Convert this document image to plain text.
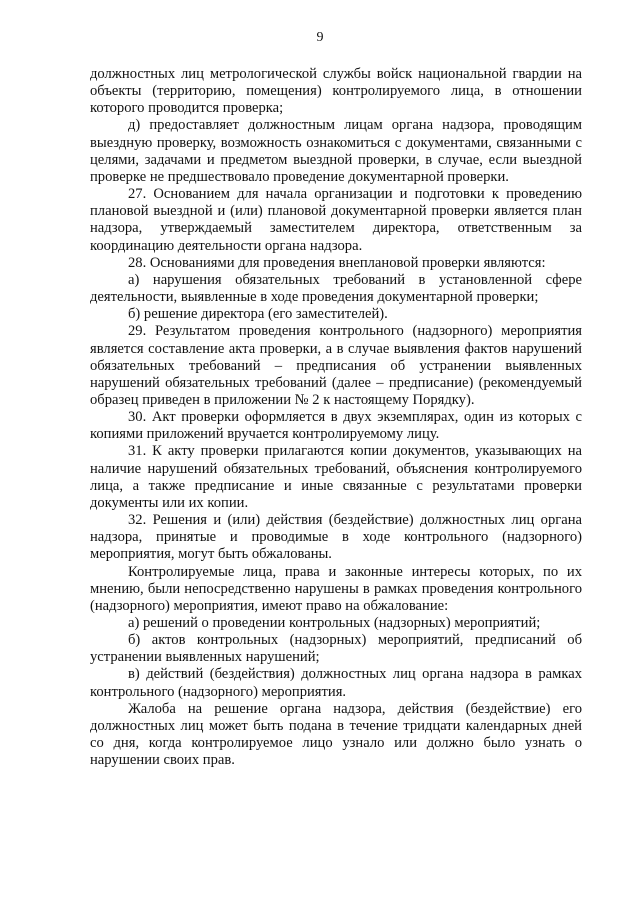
9

должностных лиц метрологической службы войск национальной гвардии на объекты (территорию, помещения) контролируемого лица, в отношении которого проводится проверка;

д) предоставляет должностным лицам органа надзора, проводящим выездную проверку, возможность ознакомиться с документами, связанными с целями, задачами и предметом выездной проверки, в случае, если выездной проверке не предшествовало проведение документарной проверки.

27. Основанием для начала организации и подготовки к проведению плановой выездной и (или) плановой документарной проверки является план надзора, утверждаемый заместителем директора, ответственным за координацию деятельности органа надзора.

28. Основаниями для проведения внеплановой проверки являются:

а) нарушения обязательных требований в установленной сфере деятельности, выявленные в ходе проведения документарной проверки;

б) решение директора (его заместителей).

29. Результатом проведения контрольного (надзорного) мероприятия является составление акта проверки, а в случае выявления фактов нарушений обязательных требований – предписания об устранении выявленных нарушений обязательных требований (далее – предписание) (рекомендуемый образец приведен в приложении № 2 к настоящему Порядку).

30. Акт проверки оформляется в двух экземплярах, один из которых с копиями приложений вручается контролируемому лицу.

31. К акту проверки прилагаются копии документов, указывающих на наличие нарушений обязательных требований, объяснения контролируемого лица, а также предписание и иные связанные с результатами проверки документы или их копии.

32. Решения и (или) действия (бездействие) должностных лиц органа надзора, принятые и проводимые в ходе контрольного (надзорного) мероприятия, могут быть обжалованы.

Контролируемые лица, права и законные интересы которых, по их мнению, были непосредственно нарушены в рамках проведения контрольного (надзорного) мероприятия, имеют право на обжалование:

а) решений о проведении контрольных (надзорных) мероприятий;

б) актов контрольных (надзорных) мероприятий, предписаний об устранении выявленных нарушений;

в) действий (бездействия) должностных лиц органа надзора в рамках контрольного (надзорного) мероприятия.

Жалоба на решение органа надзора, действия (бездействие) его должностных лиц может быть подана в течение тридцати календарных дней со дня, когда контролируемое лицо узнало или должно было узнать о нарушении своих прав.
